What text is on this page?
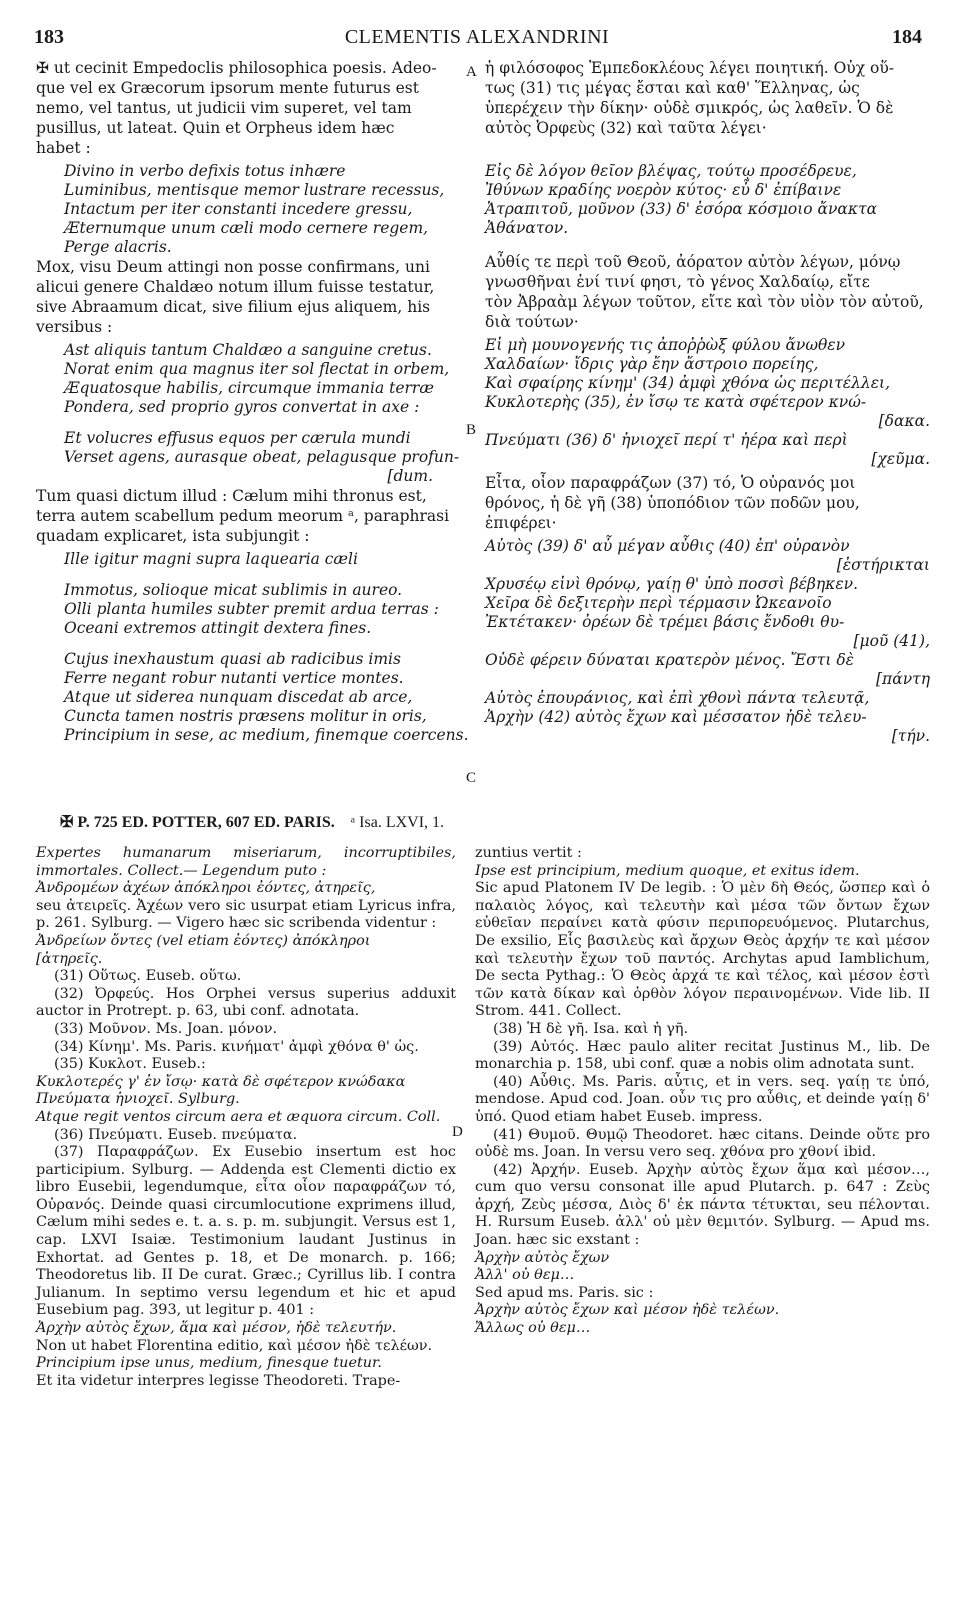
183	CLEMENTIS ALEXANDRINI	184

✠ ut cecinit Empedoclis philosophica poesis. Adeo-

que vel ex Græcorum ipsorum mente futurus est

nemo, vel tantus, ut judicii vim superet, vel tam

pusillus, ut lateat. Quin et Orpheus idem hæc

habet :

Divino in verbo defixis totus inhære

Luminibus, mentisque memor lustrare recessus,

Intactum per iter constanti incedere gressu,

Æternumque unum cæli modo cernere regem,

Perge alacris.

Mox, visu Deum attingi non posse confirmans, uni

alicui genere Chaldæo notum illum fuisse testatur,

sive Abraamum dicat, sive filium ejus aliquem, his

versibus :

Ast aliquis tantum Chaldæo a sanguine cretus.

Norat enim qua magnus iter sol flectat in orbem,

Æquatosque habilis, circumque immania terræ

Pondera, sed proprio gyros convertat in axe :

Et volucres effusus equos per cærula mundi

Verset agens, aurasque obeat, pelagusque profun-

[dum.

Tum quasi dictum illud : Cælum mihi thronus est,

terra autem scabellum pedum meorum ᵃ, paraphrasi

quadam explicaret, ista subjungit :

Ille igitur magni supra laquearia cæli

Immotus, solioque micat sublimis in aureo.

Olli planta humiles subter premit ardua terras :

Oceani extremos attingit dextera fines.

Cujus inexhaustum quasi ab radicibus imis

Ferre negant robur nutanti vertice montes.

Atque ut siderea nunquam discedat ab arce,

Cuncta tamen nostris præsens molitur in oris,

Principium in sese, ac medium, finemque coercens.

ἡ φιλόσοφος Ἐμπεδοκλέους λέγει ποιητική. Οὐχ οὕ-

τως (31) τις μέγας ἔσται καὶ καθ' Ἕλληνας, ὡς

ὑπερέχειν τὴν δίκην· οὐδὲ σμικρός, ὡς λαθεῖν. Ὁ δὲ

αὐτὸς Ὀρφεὺς (32) καὶ ταῦτα λέγει·

Εἰς δὲ λόγον θεῖον βλέψας, τούτῳ προσέδρευε,

Ἰθύνων κραδίης νοερὸν κύτος· εὖ δ' ἐπίβαινε

Ἀτραπιτοῦ, μοῦνον (33) δ' ἐσόρα κόσμοιο ἄνακτα

Ἀθάνατον.

Αὖθίς τε περὶ τοῦ Θεοῦ, ἀόρατον αὐτὸν λέγων, μόνῳ

γνωσθῆναι ἑνί τινί φησι, τὸ γένος Χαλδαίῳ, εἴτε

τὸν Ἀβραὰμ λέγων τοῦτον, εἴτε καὶ τὸν υἱὸν τὸν αὐτοῦ,

διὰ τούτων·

Εἰ μὴ μουνογενής τις ἀποῤῥὼξ φύλου ἄνωθεν

Χαλδαίων· ἴδρις γὰρ ἔην ἄστροιο πορείης,

Καὶ σφαίρης κίνημ' (34) ἀμφὶ χθόνα ὡς περιτέλλει,

Κυκλοτερὴς (35), ἐν ἴσῳ τε κατὰ σφέτερον κνώ-

[δακα.

Πνεύματι (36) δ' ἡνιοχεῖ περί τ' ἠέρα καὶ περὶ

[χεῦμα.

Εἶτα, οἷον παραφράζων (37) τό, Ὁ οὐρανός μοι

θρόνος, ἡ δὲ γῆ (38) ὑποπόδιον τῶν ποδῶν μου,

ἐπιφέρει·

Αὐτὸς (39) δ' αὖ μέγαν αὖθις (40) ἐπ' οὐρανὸν

[ἐστήρικται

Χρυσέῳ εἰνὶ θρόνῳ, γαίῃ θ' ὑπὸ ποσσὶ βέβηκεν.

Χεῖρα δὲ δεξιτερὴν περὶ τέρμασιν Ὠκεανοῖο

Ἐκτέτακεν· ὀρέων δὲ τρέμει βάσις ἔνδοθι θυ-

[μοῦ (41),

Οὐδὲ φέρειν δύναται κρατερὸν μένος. Ἔστι δὲ

[πάντη

Αὐτὸς ἐπουράνιος, καὶ ἐπὶ χθονὶ πάντα τελευτᾷ,

Ἀρχὴν (42) αὐτὸς ἔχων καὶ μέσσατον ἠδὲ τελευ-

[τήν.

A
B
C
D
✠ P. 725 ED. POTTER, 607 ED. PARIS. ᵃ Isa. LXVI, 1.

Expertes humanarum miseriarum, incorruptibiles, immortales. Collect.— Legendum puto :

Ἀνδρομέων ἀχέων ἀπόκληροι ἐόντες, ἀτηρεῖς,

seu ἀτειρεῖς. Ἀχέων vero sic usurpat etiam Lyricus infra, p. 261. Sylburg. — Vigero hæc sic scribenda videntur :

Ἀνδρείων ὄντες (vel etiam ἐόντες) ἀπόκληροι

[ἀτηρεῖς.

(31) Οὕτως. Euseb. οὕτω.

(32) Ὀρφεύς. Hos Orphei versus superius adduxit auctor in Protrept. p. 63, ubi conf. adnotata.

(33) Μοῦνον. Ms. Joan. μόνον.

(34) Κίνημ'. Ms. Paris. κινήματ' ἀμφὶ χθόνα θ' ὡς.

(35) Κυκλοτ. Euseb.:

Κυκλοτερές γ' ἐν ἴσῳ· κατὰ δὲ σφέτερον κνώδακα

Πνεύματα ἡνιοχεῖ. Sylburg.

Atque regit ventos circum aera et æquora circum. Coll.

(36) Πνεύματι. Euseb. πνεύματα.

(37) Παραφράζων. Ex Eusebio insertum est hoc participium. Sylburg. — Addenda est Clementi dictio ex libro Eusebii, legendumque, εἶτα οἷον παραφράζων τό, Οὐρανός. Deinde quasi circumlocutione exprimens illud, Cælum mihi sedes e. t. a. s. p. m. subjungit. Versus est 1, cap. LXVI Isaiæ. Testimonium laudant Justinus in Exhortat. ad Gentes p. 18, et De monarch. p. 166; Theodoretus lib. II De curat. Græc.; Cyrillus lib. I contra Julianum. In septimo versu legendum et hic et apud Eusebium pag. 393, ut legitur p. 401 :

Ἀρχὴν αὐτὸς ἔχων, ἅμα καὶ μέσον, ἠδὲ τελευτήν.

Non ut habet Florentina editio, καὶ μέσον ἠδὲ τελέων.

Principium ipse unus, medium, finesque tuetur.

Et ita videtur interpres legisse Theodoreti. Trape-

zuntius vertit :

Ipse est principium, medium quoque, et exitus idem.

Sic apud Platonem IV De legib. : Ὁ μὲν δὴ Θεός, ὥσπερ καὶ ὁ παλαιὸς λόγος, καὶ τελευτὴν καὶ μέσα τῶν ὄντων ἔχων εὐθεῖαν περαίνει κατὰ φύσιν περιπορευόμενος. Plutarchus, De exsilio, Εἷς βασιλεὺς καὶ ἄρχων Θεὸς ἀρχήν τε καὶ μέσον καὶ τελευτὴν ἔχων τοῦ παντός. Archytas apud Iamblichum, De secta Pythag.: Ὁ Θεὸς ἀρχά τε καὶ τέλος, καὶ μέσον ἐστὶ τῶν κατὰ δίκαν καὶ ὀρθὸν λόγον περαινομένων. Vide lib. II Strom. 441. Collect.

(38) Ἡ δὲ γῆ. Isa. καὶ ἡ γῆ.

(39) Αὐτός. Hæc paulo aliter recitat Justinus M., lib. De monarchia p. 158, ubi conf. quæ a nobis olim adnotata sunt.

(40) Αὖθις. Ms. Paris. αὖτις, et in vers. seq. γαίῃ τε ὑπό, mendose. Apud cod. Joan. οὖν τις pro αὖθις, et deinde γαίῃ δ' ὑπό. Quod etiam habet Euseb. impress.

(41) Θυμοῦ. Θυμῷ Theodoret. hæc citans. Deinde οὔτε pro οὐδὲ ms. Joan. In versu vero seq. χθόνα pro χθονί ibid.

(42) Ἀρχήν. Euseb. Ἀρχὴν αὐτὸς ἔχων ἅμα καὶ μέσον…, cum quo versu consonat ille apud Plutarch. p. 647 : Ζεὺς ἀρχή, Ζεὺς μέσσα, Διὸς δ' ἐκ πάντα τέτυκται, seu πέλονται. H. Rursum Euseb. ἀλλ' οὐ μὲν θεμιτόν. Sylburg. — Apud ms. Joan. hæc sic exstant :

Ἀρχὴν αὐτὸς ἔχων

Ἀλλ' οὐ θεμ…

Sed apud ms. Paris. sic :

Ἀρχὴν αὐτὸς ἔχων καὶ μέσον ἠδὲ τελέων.

Ἄλλως οὐ θεμ…
